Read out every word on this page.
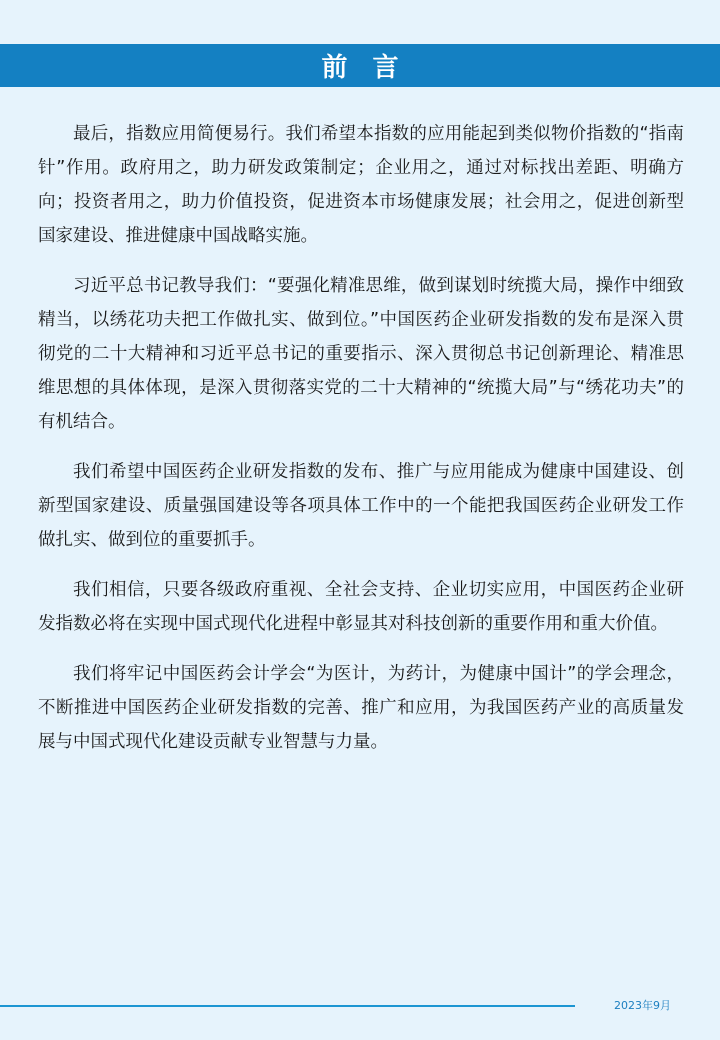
前 言

最后，指数应用简便易行。我们希望本指数的应用能起到类似物价指数的“指南针”作用。政府用之，助力研发政策制定；企业用之，通过对标找出差距、明确方向；投资者用之，助力价值投资，促进资本市场健康发展；社会用之，促进创新型国家建设、推进健康中国战略实施。

习近平总书记教导我们：“要强化精准思维，做到谋划时统揽大局，操作中细致精当，以绣花功夫把工作做扎实、做到位。”中国医药企业研发指数的发布是深入贯彻党的二十大精神和习近平总书记的重要指示、深入贯彻总书记创新理论、精准思维思想的具体体现，是深入贯彻落实党的二十大精神的“统揽大局”与“绣花功夫”的有机结合。

我们希望中国医药企业研发指数的发布、推广与应用能成为健康中国建设、创新型国家建设、质量强国建设等各项具体工作中的一个能把我国医药企业研发工作做扎实、做到位的重要抓手。

我们相信，只要各级政府重视、全社会支持、企业切实应用，中国医药企业研发指数必将在实现中国式现代化进程中彰显其对科技创新的重要作用和重大价值。

我们将牢记中国医药会计学会“为医计，为药计，为健康中国计”的学会理念，不断推进中国医药企业研发指数的完善、推广和应用，为我国医药产业的高质量发展与中国式现代化建设贡献专业智慧与力量。

2023年9月
